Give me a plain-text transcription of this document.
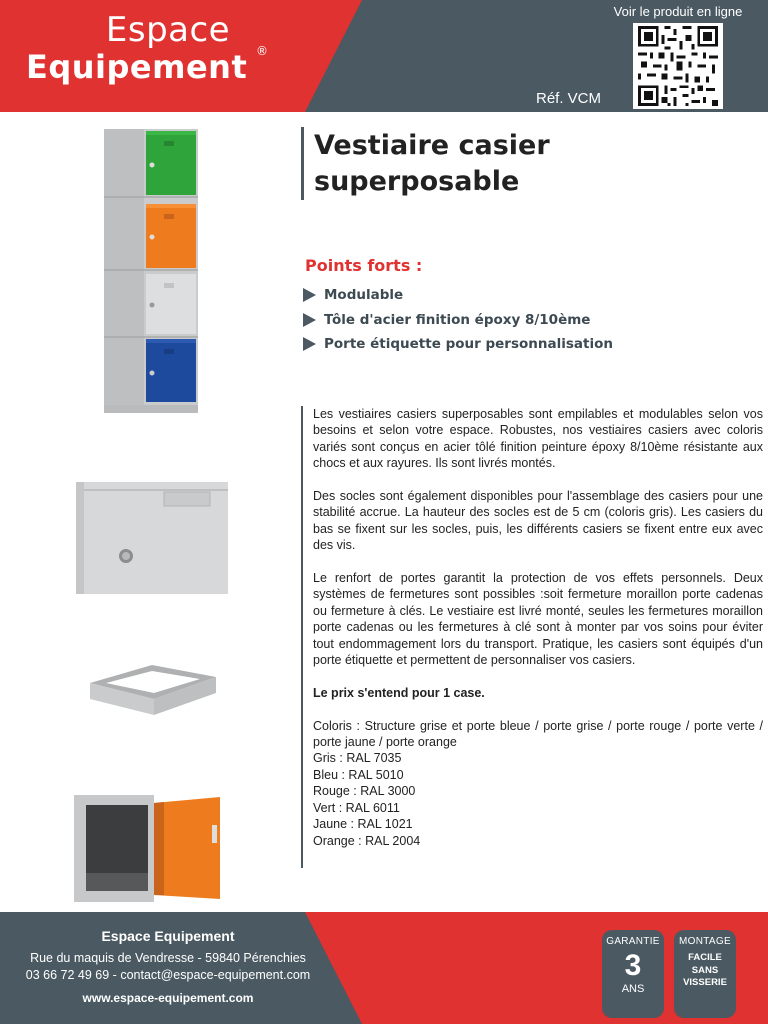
Espace
Equipement ®
Voir le produit en ligne
Réf. VCM
Vestiaire casier
superposable
Points forts :
Modulable
Tôle d'acier finition époxy 8/10ème
Porte étiquette pour personnalisation

Les vestiaires casiers superposables sont empilables et modulables selon vos besoins et selon votre espace. Robustes, nos vestiaires casiers avec coloris variés sont conçus en acier tôlé finition peinture époxy 8/10ème résistante aux chocs et aux rayures. Ils sont livrés montés.

Des socles sont également disponibles pour l'assemblage des casiers pour une stabilité accrue. La hauteur des socles est de 5 cm (coloris gris). Les casiers du bas se fixent sur les socles, puis, les différents casiers se fixent entre eux avec des vis.

Le renfort de portes garantit la protection de vos effets personnels. Deux systèmes de fermetures sont possibles :soit fermeture moraillon porte cadenas ou fermeture à clés. Le vestiaire est livré monté, seules les fermetures moraillon porte cadenas ou les fermetures à clé sont à monter par vos soins pour éviter tout endommagement lors du transport. Pratique, les casiers sont équipés d'un porte étiquette et permettent de personnaliser vos casiers.

Le prix s'entend pour 1 case.

Coloris : Structure grise et porte bleue / porte grise / porte rouge / porte verte / porte jaune / porte orange
Gris : RAL 7035
Bleu : RAL 5010
Rouge : RAL 3000
Vert : RAL 6011
Jaune : RAL 1021
Orange : RAL 2004
Espace Equipement
Rue du maquis de Vendresse - 59840 Pérenchies
03 66 72 49 69 - contact@espace-equipement.com
www.espace-equipement.com
GARANTIE
3
ANS
MONTAGE
FACILE
SANS
VISSERIE
